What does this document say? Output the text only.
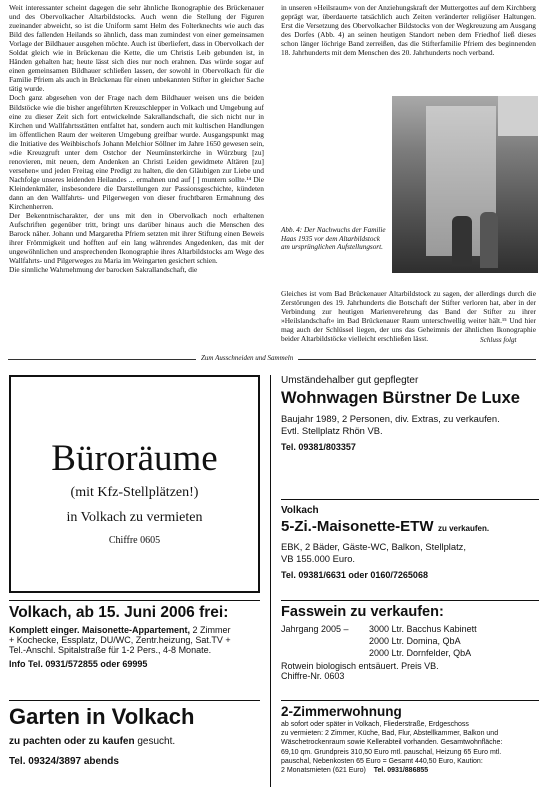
Weit interessanter scheint dagegen die sehr ähnliche Ikonographie des Brückenauer und des Obervolkacher Altarbildstocks. Auch wenn die Stellung der Figuren zueinander abweicht, so ist die Uniform samt Helm des Folterknechts wie auch das Bild des fallenden Heilands so ähnlich, dass man zumindest von einer gemeinsamen Vorlage der Bildhauer ausgehen möchte. Auch ist überliefert, dass in Obervolkach der Soldat gleich wie in Brückenau die Kette, die um Christis Leib gebunden ist, in Händen gehalten hat; heute lässt sich dies nur noch erahnen. Das würde sogar auf einen gemeinsamen Bildhauer schließen lassen, der sowohl in Obervolkach für die Familie Pfriem als auch in Brückenau für einen unbekannten Stifter in gleicher Sache tätig wurde.

Doch ganz abgesehen von der Frage nach dem Bildhauer weisen uns die beiden Bildstöcke wie die bisher angeführten Kreuzschlepper in Volkach und Umgebung auf eine zu dieser Zeit sich fort entwickelnde Sakrallandschaft, die sich nicht nur in Kirchen und Wallfahrtsstätten entfaltet hat, sondern auch mit kultischen Handlungen im öffentlichen Raum der weiteren Umgebung greifbar wurde. Ausgangspunkt mag die Initiative des Weihbischofs Johann Melchior Söllner im Jahre 1650 gewesen sein, »die Kreuzgruft unter dem Ostchor der Neumünsterkirche in Würzburg [zu] renovieren, mit neuen, dem Andenken an Christi Leiden gewidmete Altären [zu] versehen« und jeden Freitag eine Predigt zu halten, die den Gläubigen zur Liebe und Nachfolge unseres leidenden Heilandes ... ermahnen und auf [ ] muntern sollte.¹⁴ Die Kleindenkmäler, insbesondere die Darstellungen zur Passionsgeschichte, kündeten dann an den Wallfahrts- und Pilgerwegen von dieser fruchtbaren Ermahnung des Kirchenherren.

Der Bekenntnischarakter, der uns mit den in Obervolkach noch erhaltenen Aufschriften gegenüber tritt, bringt uns darüber hinaus auch die Menschen des Barock näher. Johann und Margaretha Pfriem setzten mit ihrer Stiftung einen Beweis ihrer Frömmigkeit und hofften auf ein lang währendes Angedenken, das mit der ungewöhnlichen und ansprechenden Ikonographie ihres Altarbildstocks am Wege des Wallfahrts- und Pilgerweges zu Maria im Weingarten gesichert schien.

Die sinnliche Wahrnehmung der barocken Sakrallandschaft, die

in unseren »Heilsraum« von der Anziehungskraft der Muttergottes auf dem Kirchberg geprägt war, überdauerte tatsächlich auch Zeiten veränderter religiöser Haltungen. Erst die Versetzung des Obervolkacher Bildstocks von der Wegkreuzung am Ausgang des Dorfes (Abb. 4) an seinen heutigen Standort neben dem Friedhof ließ dieses schon länger löchrige Band zerreißen, das die Stifterfamilie Pfriem des beginnenden 18. Jahrhunderts mit dem Menschen des 20. Jahrhunderts noch verband.

Abb. 4: Der Nachwuchs der Familie Haas 1935 vor dem Altarbildstock am ursprünglichen Aufstellungsort.

Gleiches ist vom Bad Brückenauer Altarbildstock zu sagen, der allerdings durch die Zerstörungen des 19. Jahrhunderts die Botschaft der Stifter verloren hat, aber in der Verbindung zur heutigen Marienverehrung das Band der Stifter zu ihrer »Heilslandschaft« im Bad Brückenauer Raum unterschwellig weiter hält.¹⁵ Und hier mag auch der Schlüssel liegen, der uns das Geheimnis der ähnlichen Ikonographie beider Altarbildstöcke vielleicht erschließen lässt.	Schluss folgt
Zum Ausschneiden und Sammeln
Büroräume
(mit Kfz-Stellplätzen!)
in Volkach zu vermieten
Chiffre 0605
Umständehalber gut gepflegter
Wohnwagen Bürstner De Luxe
Baujahr 1989, 2 Personen, div. Extras, zu verkaufen.
Evtl. Stellplatz Rhön VB.
Tel. 09381/803357
Volkach
5-Zi.-Maisonette-ETW zu verkaufen.
EBK, 2 Bäder, Gäste-WC, Balkon, Stellplatz,
VB 155.000 Euro.
Tel. 09381/6631 oder 0160/7265068
Volkach, ab 15. Juni 2006 frei:
Komplett einger. Maisonette-Appartement, 2 Zimmer
+ Kochecke, Essplatz, DU/WC, Zentr.heizung, Sat.TV +
Tel.-Anschl. Spitalstraße für 1-2 Pers., 4-8 Monate.
Info Tel. 0931/572855 oder 69995
Fasswein zu verkaufen:
Jahrgang 2005 – 3000 Ltr. Bacchus Kabinett
2000 Ltr. Domina, QbA
2000 Ltr. Dornfelder, QbA
Rotwein biologisch entsäuert. Preis VB.
Chiffre-Nr. 0603
Garten in Volkach
zu pachten oder zu kaufen gesucht.
Tel. 09324/3897 abends
2-Zimmerwohnung
ab sofort oder später in Volkach, Fliederstraße, Erdgeschoss
zu vermieten: 2 Zimmer, Küche, Bad, Flur, Abstellkammer, Balkon und
Wäschetrockenraum sowie Kellerabteil vorhanden. Gesamtwohnfläche:
69,10 qm. Grundpreis 310,50 Euro mtl. pauschal, Heizung 65 Euro mtl.
pauschal, Nebenkosten 65 Euro = Gesamt 440,50 Euro, Kaution:
2 Monatsmieten (621 Euro) Tel. 0931/886855
